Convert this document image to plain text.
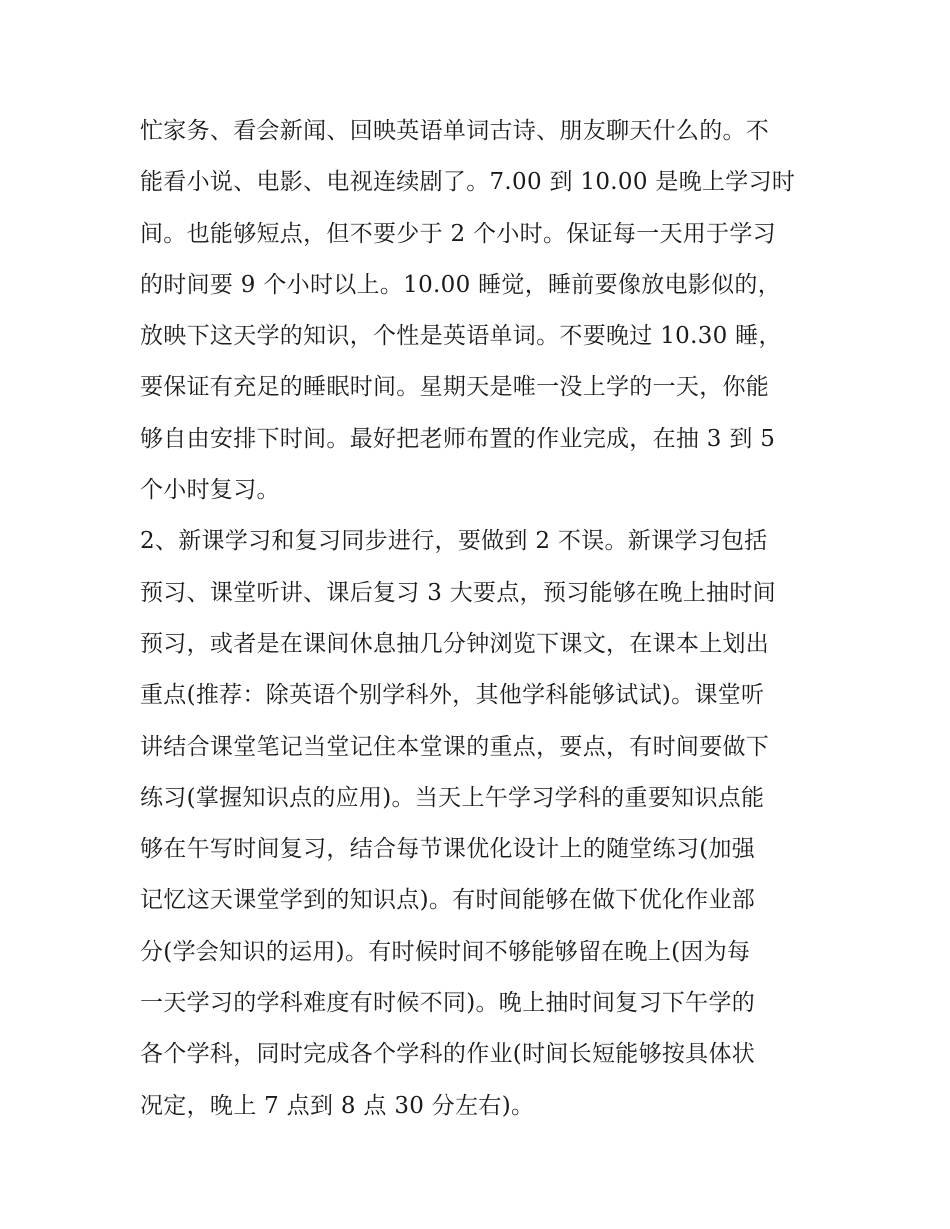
忙家务、看会新闻、回映英语单词古诗、朋友聊天什么的。不
能看小说、电影、电视连续剧了。7.00 到 10.00 是晚上学习时
间。也能够短点，但不要少于 2 个小时。保证每一天用于学习
的时间要 9 个小时以上。10.00 睡觉，睡前要像放电影似的，
放映下这天学的知识，个性是英语单词。不要晚过 10.30 睡，
要保证有充足的睡眠时间。星期天是唯一没上学的一天，你能
够自由安排下时间。最好把老师布置的作业完成，在抽 3 到 5
个小时复习。
2、新课学习和复习同步进行，要做到 2 不误。新课学习包括
预习、课堂听讲、课后复习 3 大要点，预习能够在晚上抽时间
预习，或者是在课间休息抽几分钟浏览下课文，在课本上划出
重点(推荐：除英语个别学科外，其他学科能够试试)。课堂听
讲结合课堂笔记当堂记住本堂课的重点，要点，有时间要做下
练习(掌握知识点的应用)。当天上午学习学科的重要知识点能
够在午写时间复习，结合每节课优化设计上的随堂练习(加强
记忆这天课堂学到的知识点)。有时间能够在做下优化作业部
分(学会知识的运用)。有时候时间不够能够留在晚上(因为每
一天学习的学科难度有时候不同)。晚上抽时间复习下午学的
各个学科，同时完成各个学科的作业(时间长短能够按具体状
况定，晚上 7 点到 8 点 30 分左右)。
